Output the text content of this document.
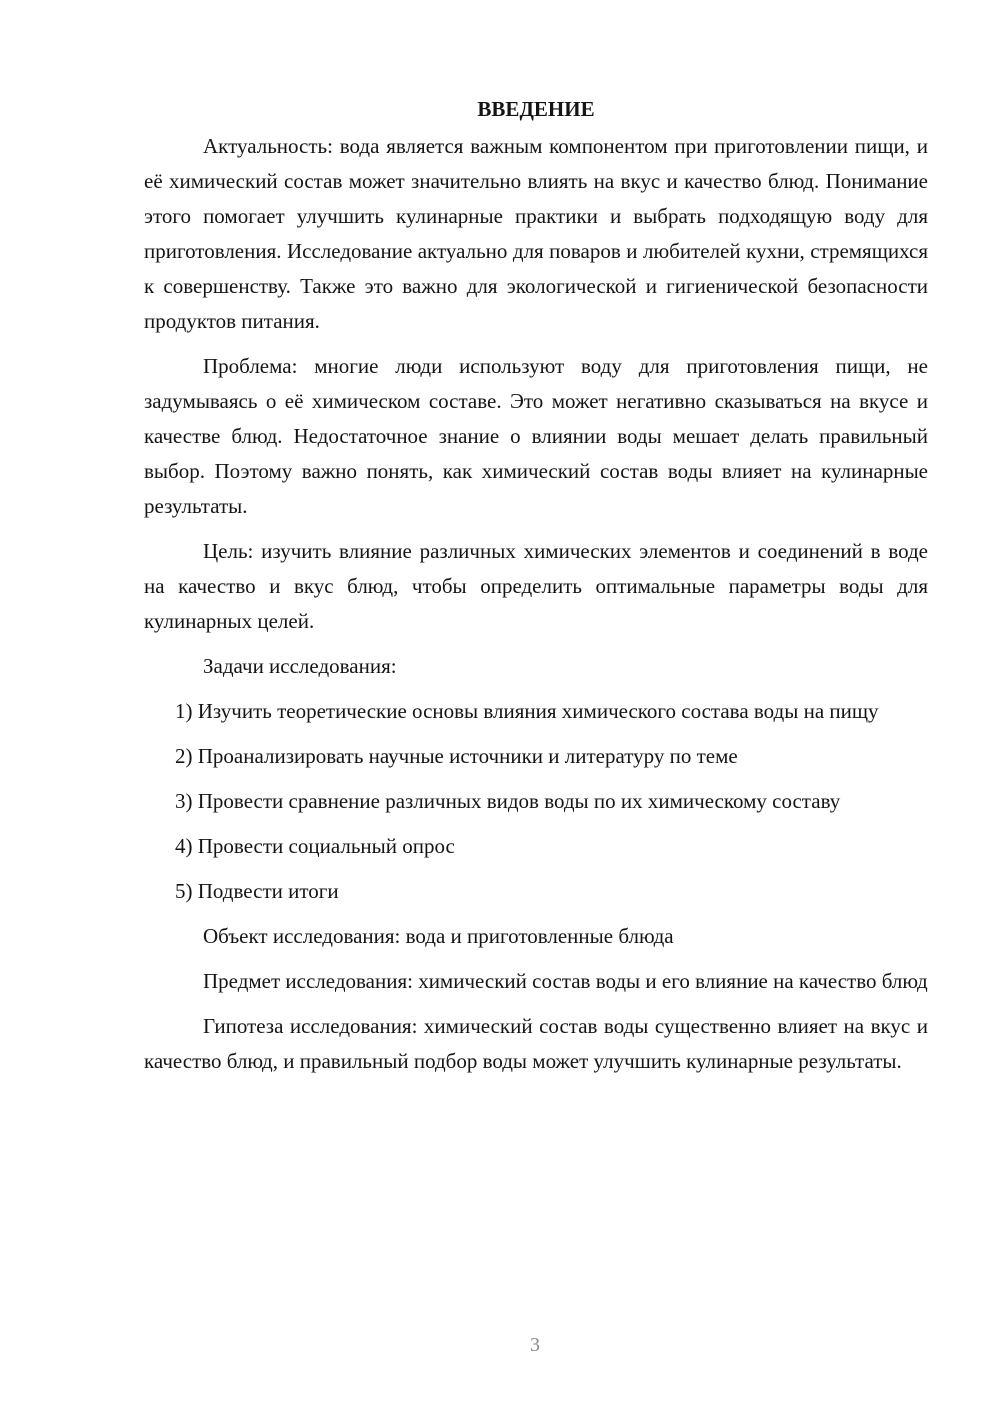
ВВЕДЕНИЕ

Актуальность: вода является важным компонентом при приготовлении пищи, и её химический состав может значительно влиять на вкус и качество блюд. Понимание этого помогает улучшить кулинарные практики и выбрать подходящую воду для приготовления. Исследование актуально для поваров и любителей кухни, стремящихся к совершенству. Также это важно для экологической и гигиенической безопасности продуктов питания.

Проблема: многие люди используют воду для приготовления пищи, не задумываясь о её химическом составе. Это может негативно сказываться на вкусе и качестве блюд. Недостаточное знание о влиянии воды мешает делать правильный выбор. Поэтому важно понять, как химический состав воды влияет на кулинарные результаты.

Цель: изучить влияние различных химических элементов и соединений в воде на качество и вкус блюд, чтобы определить оптимальные параметры воды для кулинарных целей.

Задачи исследования:

1) Изучить теоретические основы влияния химического состава воды на пищу

2) Проанализировать научные источники и литературу по теме

3) Провести сравнение различных видов воды по их химическому составу

4) Провести социальный опрос

5) Подвести итоги

Объект исследования: вода и приготовленные блюда

Предмет исследования: химический состав воды и его влияние на качество блюд

Гипотеза исследования: химический состав воды существенно влияет на вкус и качество блюд, и правильный подбор воды может улучшить кулинарные результаты.

3
